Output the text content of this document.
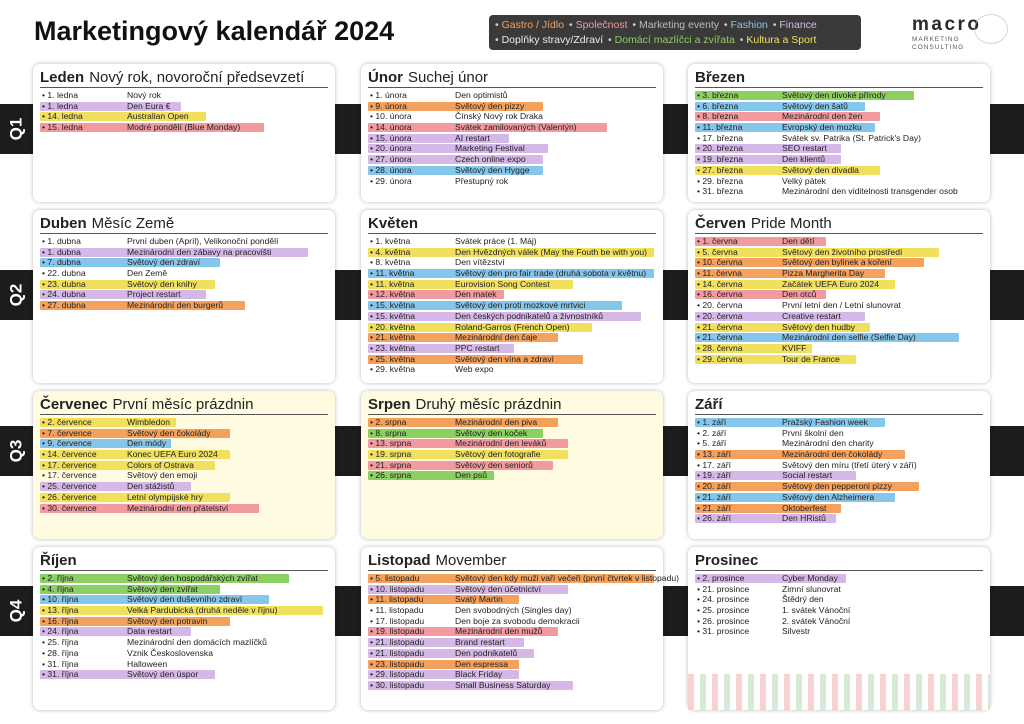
Marketingový kalendář 2024	• Gastro / Jídlo • Společnost • Marketing eventy • Fashion • Finance
• Doplňky stravy/Zdraví • Domácí mazlíčci a zvířata • Kultura a Sport
macro
MARKETING
CONSULTING
Q1
Q2
Q3
Q4
Leden Nový rok, novoroční předsevzetí
• 1. ledna	Nový rok
• 1. ledna	Den Eura €
• 14. ledna	Australian Open
• 15. ledna	Modré pondělí (Blue Monday)
Únor Suchej únor
• 1. února	Den optimistů
• 9. února	Světový den pizzy
• 10. února	Čínský Nový rok Draka
• 14. února	Svátek zamilovaných (Valentýn)
• 15. února	AI restart
• 20. února	Marketing Festival
• 27. února	Czech online expo
• 28. února	Světový den Hygge
• 29. února	Přestupný rok
Březen
• 3. března	Světový den divoké přírody
• 6. března	Světový den šatů
• 8. března	Mezinárodní den žen
• 11. března	Evropský den mozku
• 17. března	Svátek sv. Patrika (St. Patrick's Day)
• 20. března	SEO restart
• 19. března	Den klientů
• 27. března	Světový den divadla
• 29. března	Velký pátek
• 31. března	Mezinárodní den viditelnosti transgender osob
Duben Měsíc Země
• 1. dubna	První duben (Apríl), Velikonoční pondělí
• 1. dubna	Mezinárodní den zábavy na pracovišti
• 7. dubna	Světový den zdraví
• 22. dubna	Den Země
• 23. dubna	Světový den knihy
• 24. dubna	Project restart
• 27. dubna	Mezinárodní den burgerů
Květen
• 1. května	Svátek práce (1. Máj)
• 4. května	Den Hvězdných válek (May the Fouth be with you)
• 8. května	Den vítězství
• 11. května	Světový den pro fair trade (druhá sobota v květnu)
• 11. května	Eurovision Song Contest
• 12. května	Den matek
• 15. května	Světový den proti mozkové mrtvici
• 15. května	Den českých podnikatelů a živnostníků
• 20. května	Roland-Garros (French Open)
• 21. května	Mezinárodní den čaje
• 23. května	PPC restart
• 25. května	Světový den vína a zdraví
• 29. května	Web expo
Červen Pride Month
• 1. června	Den dětí
• 5. června	Světový den životního prostředí
• 10. června	Světový den bylinek a koření
• 11. června	Pizza Margherita Day
• 14. června	Začátek UEFA Euro 2024
• 16. června	Den otců
• 20. června	První letní den / Letní slunovrat
• 20. června	Creative restart
• 21. června	Světový den hudby
• 21. června	Mezinárodní den selfie (Selfie Day)
• 28. června	KVIFF
• 29. června	Tour de France
Červenec První měsíc prázdnin
• 2. července	Wimbledon
• 7. července	Světový den čokolády
• 9. července	Den módy
• 14. července	Konec UEFA Euro 2024
• 17. července	Colors of Ostrava
• 17. července	Světový den emoji
• 25. července	Den stážistů
• 26. července	Letní olympijské hry
• 30. července	Mezinárodní den přátelství
Srpen Druhý měsíc prázdnin
• 2. srpna	Mezinárodní den piva
• 8. srpna	Světový den koček
• 13. srpna	Mezinárodní den leváků
• 19. srpna	Světový den fotografie
• 21. srpna	Světový den seniorů
• 26. srpna	Den psů
Září
• 1. září	Pražský Fashion week
• 2. září	První školní den
• 5. září	Mezinárodní den charity
• 13. září	Mezinárodní den čokolády
• 17. září	Světový den míru (třetí úterý v září)
• 19. září	Social restart
• 20. září	Světový den pepperoni pizzy
• 21. září	Světový den Alzheimera
• 21. září	Oktoberfest
• 26. září	Den HRistů
Říjen
• 2. října	Světový den hospodářských zvířat
• 4. října	Světový den zvířat
• 10. října	Světový den duševního zdraví
• 13. října	Velká Pardubická (druhá neděle v říjnu)
• 16. října	Světový den potravin
• 24. října	Data restart
• 25. října	Mezinárodní den domácích mazlíčků
• 28. října	Vznik Československa
• 31. října	Halloween
• 31. října	Světový den úspor
Listopad Movember
• 5. listopadu	Světový den kdy muži vaří večeři (první čtvrtek v listopadu)
• 10. listopadu	Světový den účetnictví
• 11. listopadu	Svatý Martin
• 11. listopadu	Den svobodných (Singles day)
• 17. listopadu	Den boje za svobodu demokracii
• 19. listopadu	Mezinárodní den mužů
• 21. listopadu	Brand restart
• 21. listopadu	Den podnikatelů
• 23. listopadu	Den espressa
• 29. listopadu	Black Friday
• 30. listopadu	Small Business Saturday
Prosinec
• 2. prosince	Cyber Monday
• 21. prosince	Zimní slunovrat
• 24. prosince	Štědrý den
• 25. prosince	1. svátek Vánoční
• 26. prosince	2. svátek Vánoční
• 31. prosince	Silvestr
